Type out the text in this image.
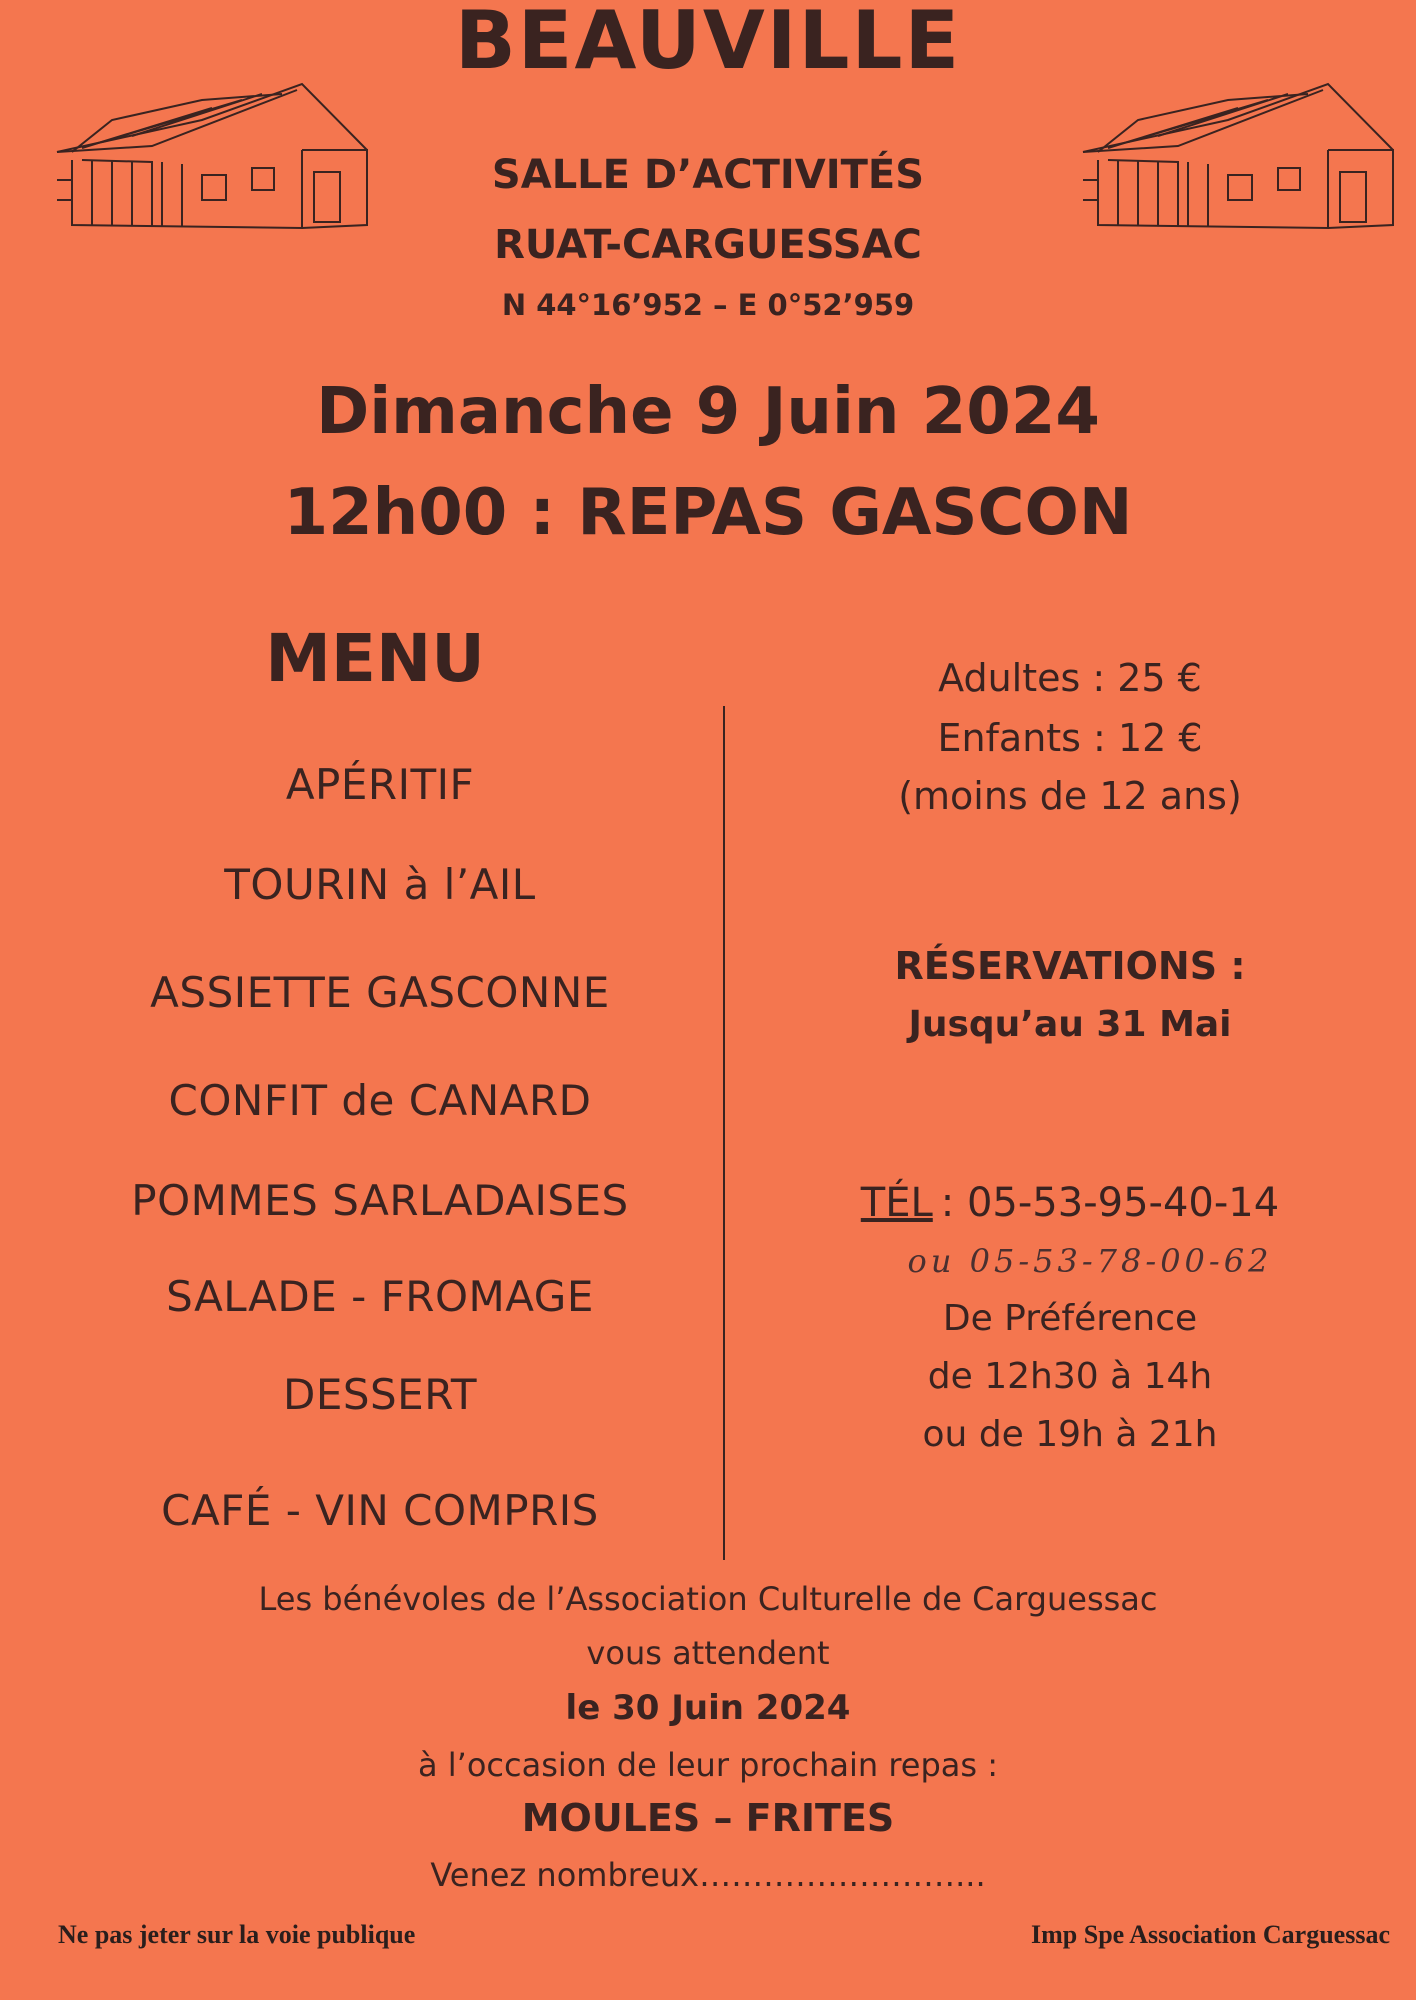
BEAUVILLE
SALLE D’ACTIVITÉS
RUAT-CARGUESSAC
N 44°16’952 – E 0°52’959
Dimanche 9 Juin 2024
12h00 : REPAS GASCON
MENU
APÉRITIF
TOURIN à l’AIL
ASSIETTE GASCONNE
CONFIT de CANARD
POMMES SARLADAISES
SALADE - FROMAGE
DESSERT
CAFÉ - VIN COMPRIS
Adultes : 25 €
Enfants : 12 €
(moins de 12 ans)
RÉSERVATIONS :
Jusqu’au 31 Mai
TÉL : 05-53-95-40-14
ou 05-53-78-00-62
De Préférence
de 12h30 à 14h
ou de 19h à 21h
Les bénévoles de l’Association Culturelle de Carguessac
vous attendent
le 30 Juin 2024
à l’occasion de leur prochain repas :
MOULES – FRITES
Venez nombreux……………………...
Ne pas jeter sur la voie publique	Imp Spe Association Carguessac
